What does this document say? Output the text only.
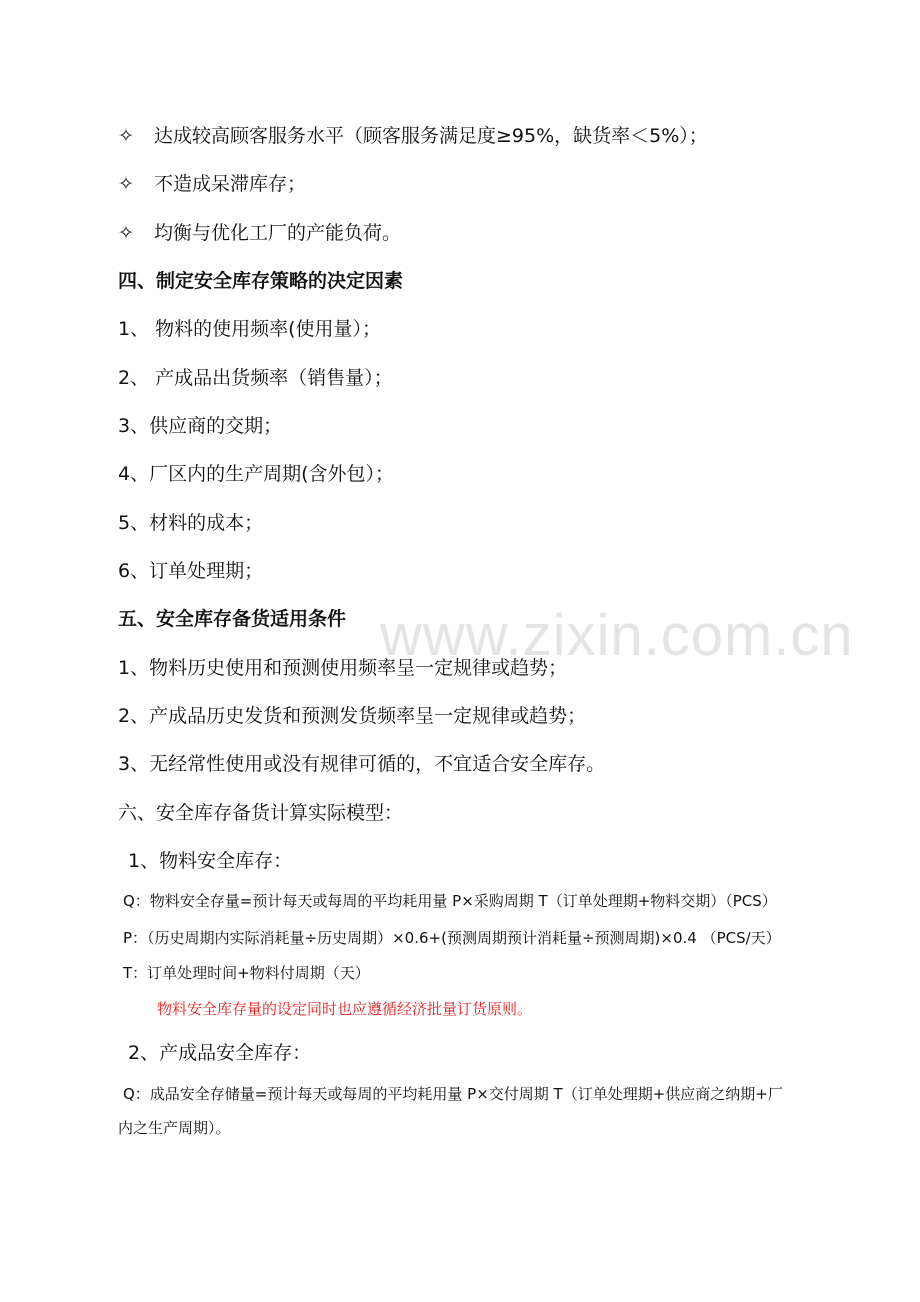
www.zixin.com.cn
✧	达成较高顾客服务水平（顾客服务满足度≥95%，缺货率＜5%）；
✧	不造成呆滞库存；
✧	均衡与优化工厂的产能负荷。
四、制定安全库存策略的决定因素
1、 物料的使用频率(使用量）；
2、 产成品出货频率（销售量）；
3、供应商的交期；
4、厂区内的生产周期(含外包）；
5、材料的成本；
6、订单处理期；
五、安全库存备货适用条件
1、物料历史使用和预测使用频率呈一定规律或趋势；
2、产成品历史发货和预测发货频率呈一定规律或趋势；
3、无经常性使用或没有规律可循的，不宜适合安全库存。
六、安全库存备货计算实际模型：
1、物料安全库存：
Q：物料安全存量=预计每天或每周的平均耗用量 P×采购周期 T（订单处理期+物料交期）（PCS）
P：（历史周期内实际消耗量÷历史周期）×0.6+(预测周期预计消耗量÷预测周期)×0.4 （PCS/天）
T：订单处理时间+物料付周期（天）
物料安全库存量的设定同时也应遵循经济批量订货原则。
2、产成品安全库存：
Q：成品安全存储量=预计每天或每周的平均耗用量 P×交付周期 T（订单处理期+供应商之纳期+厂
内之生产周期）。
